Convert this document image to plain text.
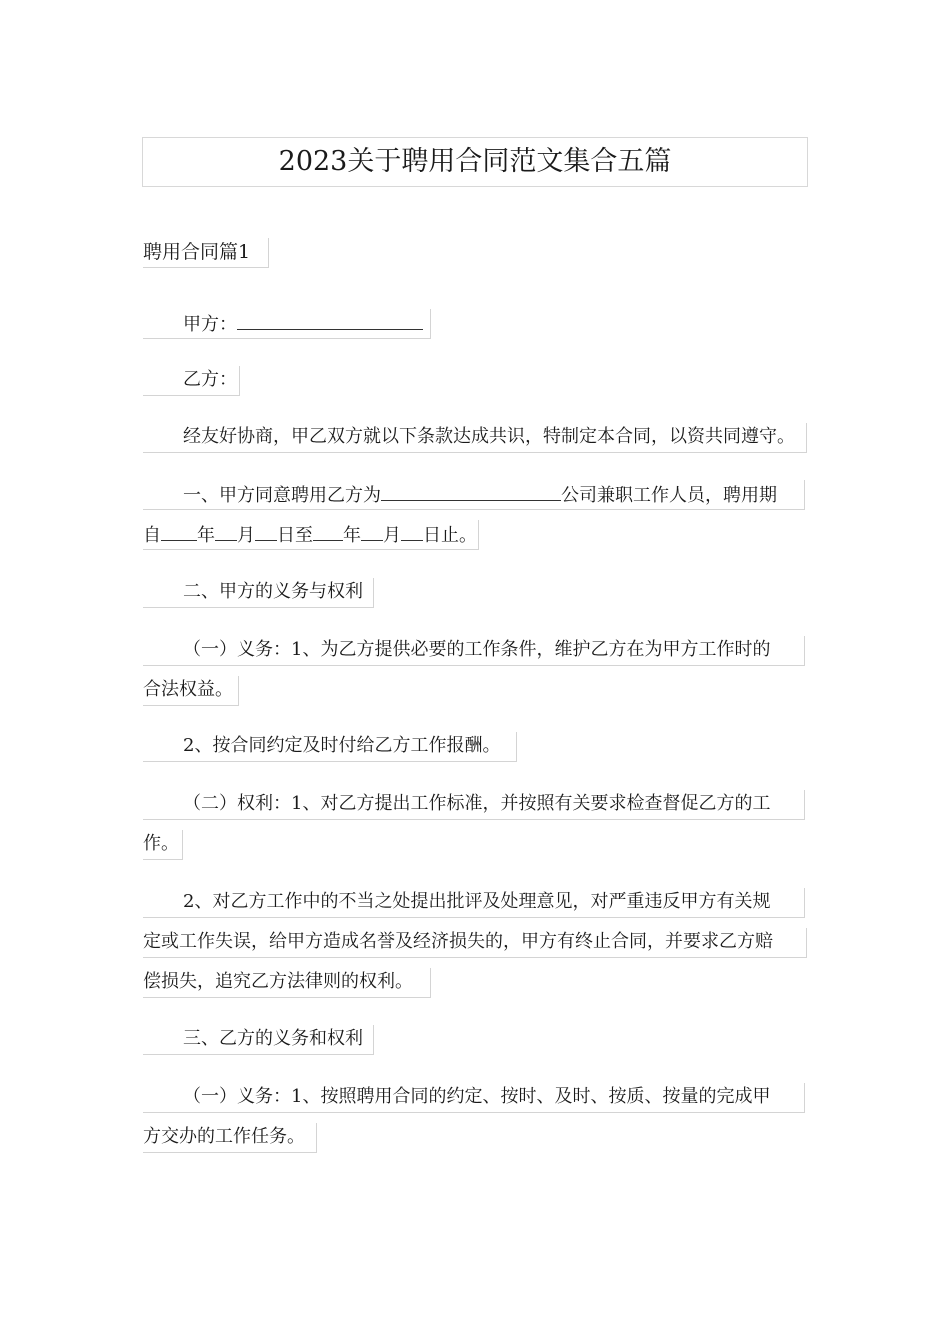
2023关于聘用合同范文集合五篇
聘用合同篇1
甲方：
乙方：
经友好协商，甲乙双方就以下条款达成共识，特制定本合同，以资共同遵守。
一、甲方同意聘用乙方为	公司兼职工作人员，聘用期
自 年 月 日至 年 月 日止。
二、甲方的义务与权利
（一）义务：1、为乙方提供必要的工作条件，维护乙方在为甲方工作时的
合法权益。
2、按合同约定及时付给乙方工作报酬。
（二）权利：1、对乙方提出工作标准，并按照有关要求检查督促乙方的工
作。
2、对乙方工作中的不当之处提出批评及处理意见，对严重违反甲方有关规
定或工作失误，给甲方造成名誉及经济损失的，甲方有终止合同，并要求乙方赔
偿损失，追究乙方法律则的权利。
三、乙方的义务和权利
（一）义务：1、按照聘用合同的约定、按时、及时、按质、按量的完成甲
方交办的工作任务。
